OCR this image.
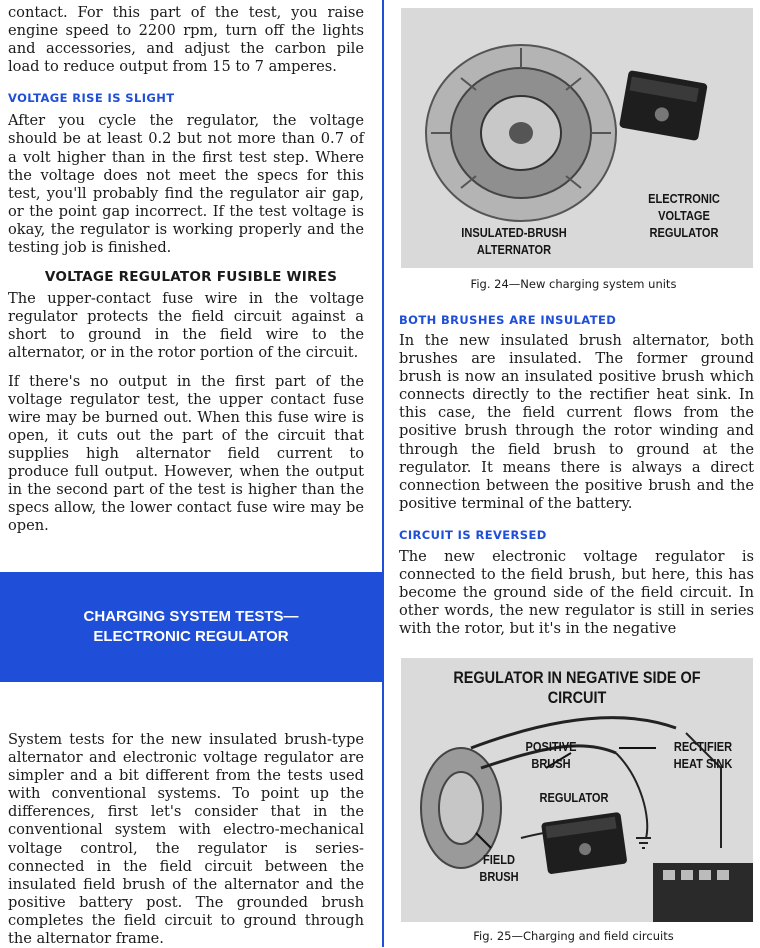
contact. For this part of the test, you raise engine speed to 2200 rpm, turn off the lights and accessories, and adjust the carbon pile load to reduce output from 15 to 7 amperes.

VOLTAGE RISE IS SLIGHT

After you cycle the regulator, the voltage should be at least 0.2 but not more than 0.7 of a volt higher than in the first test step. Where the voltage does not meet the specs for this test, you'll probably find the regulator air gap, or the point gap incorrect. If the test voltage is okay, the regulator is working properly and the testing job is finished.

VOLTAGE REGULATOR FUSIBLE WIRES

The upper-contact fuse wire in the voltage regulator protects the field circuit against a short to ground in the field wire to the alternator, or in the rotor portion of the circuit.

If there's no output in the first part of the voltage regulator test, the upper contact fuse wire may be burned out. When this fuse wire is open, it cuts out the part of the circuit that supplies high alternator field current to produce full output. However, when the output in the second part of the test is higher than the specs allow, the lower contact fuse wire may be open.

System tests for the new insulated brush-type alternator and electronic voltage regulator are simpler and a bit different from the tests used with conventional systems. To point up the differences, first let's consider that in the conventional system with electro-mechanical voltage control, the regulator is series-connected in the field circuit between the insulated field brush of the alternator and the positive battery post. The grounded brush completes the field circuit to ground through the alternator frame.

CHARGING SYSTEM TESTS—
ELECTRONIC REGULATOR
INSULATED-BRUSH ALTERNATOR
ELECTRONIC
VOLTAGE
REGULATOR
Fig. 24—New charging system units

BOTH BRUSHES ARE INSULATED

In the new insulated brush alternator, both brushes are insulated. The former ground brush is now an insulated positive brush which connects directly to the rectifier heat sink. In this case, the field current flows from the positive brush through the rotor winding and through the field brush to ground at the regulator. It means there is always a direct connection between the positive brush and the positive terminal of the battery.

CIRCUIT IS REVERSED

The new electronic voltage regulator is connected to the field brush, but here, this has become the ground side of the field circuit. In other words, the new regulator is still in series with the rotor, but it's in the negative

REGULATOR IN NEGATIVE SIDE OF CIRCUIT
POSITIVE
BRUSH
RECTIFIER
HEAT SINK
REGULATOR
FIELD
BRUSH
Fig. 25—Charging and field circuits
